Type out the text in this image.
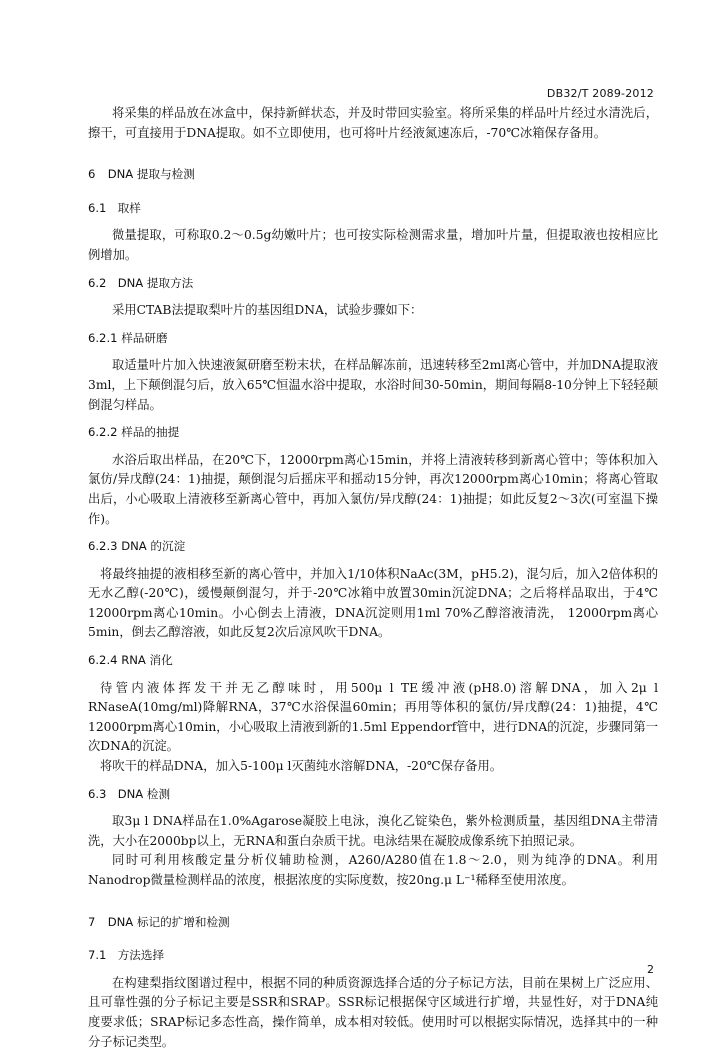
DB32/T 2089-2012

将采集的样品放在冰盒中，保持新鲜状态，并及时带回实验室。将所采集的样品叶片经过水清洗后，擦干，可直接用于DNA提取。如不立即使用，也可将叶片经液氮速冻后，-70℃冰箱保存备用。

6 DNA 提取与检测

6.1 取样

微量提取，可称取0.2～0.5g幼嫩叶片；也可按实际检测需求量，增加叶片量，但提取液也按相应比例增加。

6.2 DNA 提取方法

采用CTAB法提取梨叶片的基因组DNA，试验步骤如下：

6.2.1 样品研磨

取适量叶片加入快速液氮研磨至粉末状，在样品解冻前，迅速转移至2ml离心管中，并加DNA提取液3ml，上下颠倒混匀后，放入65℃恒温水浴中提取，水浴时间30-50min，期间每隔8-10分钟上下轻轻颠倒混匀样品。

6.2.2 样品的抽提

水浴后取出样品，在20℃下，12000rpm离心15min，并将上清液转移到新离心管中；等体积加入氯仿/异戊醇(24：1)抽提，颠倒混匀后摇床平和摇动15分钟，再次12000rpm离心10min；将离心管取出后，小心吸取上清液移至新离心管中，再加入氯仿/异戊醇(24：1)抽提；如此反复2～3次(可室温下操作)。

6.2.3 DNA 的沉淀

将最终抽提的液相移至新的离心管中，并加入1/10体积NaAc(3M，pH5.2)，混匀后，加入2倍体积的无水乙醇(-20℃)，缓慢颠倒混匀，并于-20℃冰箱中放置30min沉淀DNA；之后将样品取出，于4℃ 12000rpm离心10min。小心倒去上清液，DNA沉淀则用1ml 70%乙醇溶液清洗， 12000rpm离心5min，倒去乙醇溶液，如此反复2次后凉风吹干DNA。

6.2.4 RNA 消化

待管内液体挥发干并无乙醇味时，用500μ l TE缓冲液(pH8.0)溶解DNA，加入2μ l RNaseA(10mg/ml)降解RNA，37℃水浴保温60min；再用等体积的氯仿/异戊醇(24：1)抽提，4℃ 12000rpm离心10min，小心吸取上清液到新的1.5ml Eppendorf管中，进行DNA的沉淀，步骤同第一次DNA的沉淀。

将吹干的样品DNA，加入5-100μ l灭菌纯水溶解DNA，-20℃保存备用。

6.3 DNA 检测

取3μ l DNA样品在1.0%Agarose凝胶上电泳，溴化乙锭染色，紫外检测质量，基因组DNA主带清洗，大小在2000bp以上，无RNA和蛋白杂质干扰。电泳结果在凝胶成像系统下拍照记录。

同时可利用核酸定量分析仪辅助检测，A260/A280值在1.8～2.0，则为纯净的DNA。利用Nanodrop微量检测样品的浓度，根据浓度的实际度数，按20ng.μ L⁻¹稀释至使用浓度。

7 DNA 标记的扩增和检测

7.1 方法选择

在构建梨指纹图谱过程中，根据不同的种质资源选择合适的分子标记方法，目前在果树上广泛应用、且可靠性强的分子标记主要是SSR和SRAP。SSR标记根据保守区域进行扩增，共显性好，对于DNA纯度要求低；SRAP标记多态性高，操作简单，成本相对较低。使用时可以根据实际情况，选择其中的一种分子标记类型。

2
